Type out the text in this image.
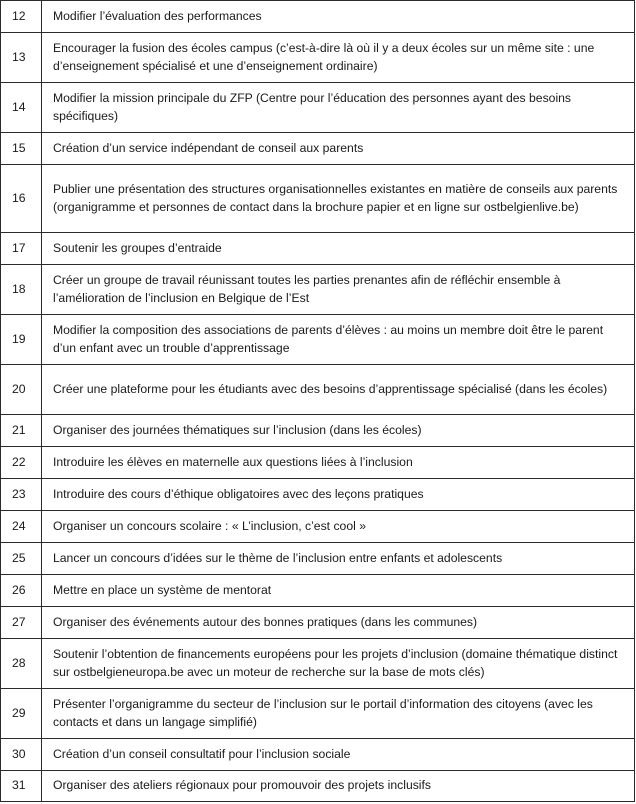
12	Modifier l’évaluation des performances
13	Encourager la fusion des écoles campus (c’est-à-dire là où il y a deux écoles sur un même site : une d’enseignement spécialisé et une d’enseignement ordinaire)
14	Modifier la mission principale du ZFP (Centre pour l’éducation des personnes ayant des besoins spécifiques)
15	Création d’un service indépendant de conseil aux parents
16	Publier une présentation des structures organisationnelles existantes en matière de conseils aux parents (organigramme et personnes de contact dans la brochure papier et en ligne sur ostbelgienlive.be)
17	Soutenir les groupes d’entraide
18	Créer un groupe de travail réunissant toutes les parties prenantes afin de réfléchir ensemble à l’amélioration de l’inclusion en Belgique de l’Est
19	Modifier la composition des associations de parents d’élèves : au moins un membre doit être le parent d’un enfant avec un trouble d’apprentissage
20	Créer une plateforme pour les étudiants avec des besoins d’apprentissage spécialisé (dans les écoles)
21	Organiser des journées thématiques sur l’inclusion (dans les écoles)
22	Introduire les élèves en maternelle aux questions liées à l’inclusion
23	Introduire des cours d’éthique obligatoires avec des leçons pratiques
24	Organiser un concours scolaire : « L’inclusion, c’est cool »
25	Lancer un concours d’idées sur le thème de l’inclusion entre enfants et adolescents
26	Mettre en place un système de mentorat
27	Organiser des événements autour des bonnes pratiques (dans les communes)
28	Soutenir l’obtention de financements européens pour les projets d’inclusion (domaine thématique distinct sur ostbelgieneuropa.be avec un moteur de recherche sur la base de mots clés)
29	Présenter l’organigramme du secteur de l’inclusion sur le portail d’information des citoyens (avec les contacts et dans un langage simplifié)
30	Création d’un conseil consultatif pour l’inclusion sociale
31	Organiser des ateliers régionaux pour promouvoir des projets inclusifs
